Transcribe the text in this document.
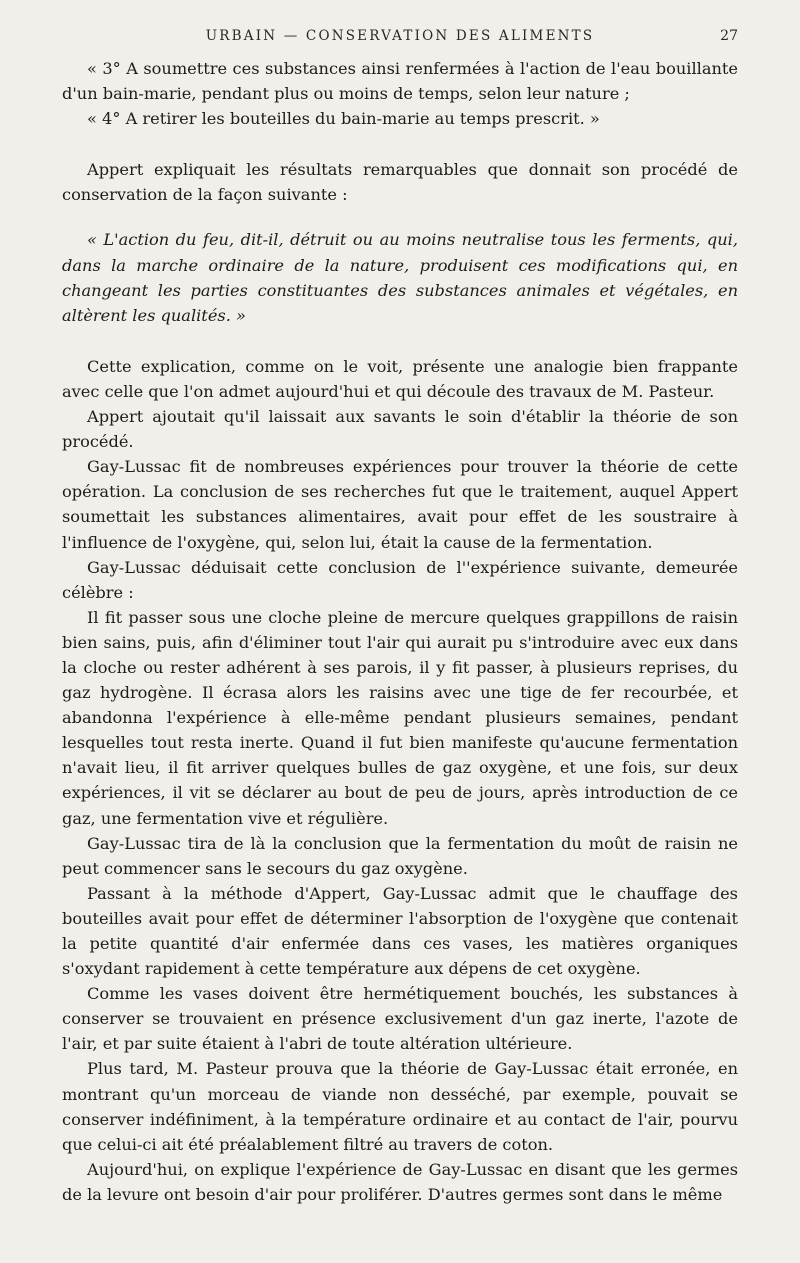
URBAIN — CONSERVATION DES ALIMENTS	27

« 3° A soumettre ces substances ainsi renfermées à l'action de l'eau bouillante d'un bain-marie, pendant plus ou moins de temps, selon leur nature ;

« 4° A retirer les bouteilles du bain-marie au temps prescrit. »

Appert expliquait les résultats remarquables que donnait son procédé de conservation de la façon suivante :

« L'action du feu, dit-il, détruit ou au moins neutralise tous les ferments, qui, dans la marche ordinaire de la nature, produisent ces modifications qui, en changeant les parties constituantes des substances animales et végétales, en altèrent les qualités. »

Cette explication, comme on le voit, présente une analogie bien frappante avec celle que l'on admet aujourd'hui et qui découle des travaux de M. Pasteur.

Appert ajoutait qu'il laissait aux savants le soin d'établir la théorie de son procédé.

Gay-Lussac fit de nombreuses expériences pour trouver la théorie de cette opération. La conclusion de ses recherches fut que le traitement, auquel Appert soumettait les substances alimentaires, avait pour effet de les soustraire à l'influence de l'oxygène, qui, selon lui, était la cause de la fermentation.

Gay-Lussac déduisait cette conclusion de l''expérience suivante, demeurée célèbre :

Il fit passer sous une cloche pleine de mercure quelques grappillons de raisin bien sains, puis, afin d'éliminer tout l'air qui aurait pu s'introduire avec eux dans la cloche ou rester adhérent à ses parois, il y fit passer, à plusieurs reprises, du gaz hydrogène. Il écrasa alors les raisins avec une tige de fer recourbée, et abandonna l'expérience à elle-même pendant plusieurs semaines, pendant lesquelles tout resta inerte. Quand il fut bien manifeste qu'aucune fermentation n'avait lieu, il fit arriver quelques bulles de gaz oxygène, et une fois, sur deux expériences, il vit se déclarer au bout de peu de jours, après introduction de ce gaz, une fermentation vive et régulière.

Gay-Lussac tira de là la conclusion que la fermentation du moût de raisin ne peut commencer sans le secours du gaz oxygène.

Passant à la méthode d'Appert, Gay-Lussac admit que le chauffage des bouteilles avait pour effet de déterminer l'absorption de l'oxygène que contenait la petite quantité d'air enfermée dans ces vases, les matières organiques s'oxydant rapidement à cette température aux dépens de cet oxygène.

Comme les vases doivent être hermétiquement bouchés, les substances à conserver se trouvaient en présence exclusivement d'un gaz inerte, l'azote de l'air, et par suite étaient à l'abri de toute altération ultérieure.

Plus tard, M. Pasteur prouva que la théorie de Gay-Lussac était erronée, en montrant qu'un morceau de viande non desséché, par exemple, pouvait se conserver indéfiniment, à la température ordinaire et au contact de l'air, pourvu que celui-ci ait été préalablement filtré au travers de coton.

Aujourd'hui, on explique l'expérience de Gay-Lussac en disant que les germes de la levure ont besoin d'air pour proliférer. D'autres germes sont dans le même
